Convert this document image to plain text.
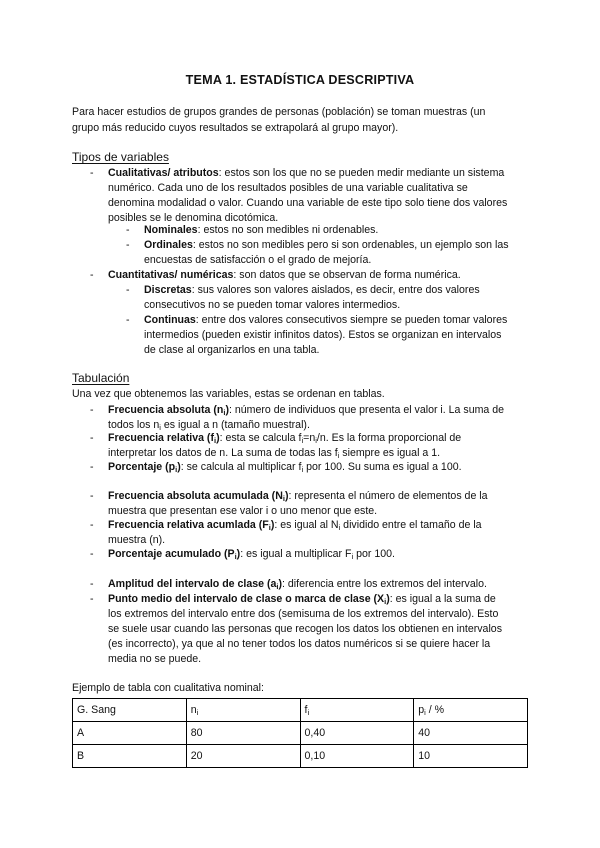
TEMA 1. ESTADÍSTICA DESCRIPTIVA
Para hacer estudios de grupos grandes de personas (población) se toman muestras (un
grupo más reducido cuyos resultados se extrapolará al grupo mayor).
Tipos de variables
- Cualitativas/ atributos: estos son los que no se pueden medir mediante un sistema
numérico. Cada uno de los resultados posibles de una variable cualitativa se
denomina modalidad o valor. Cuando una variable de este tipo solo tiene dos valores
posibles se le denomina dicotómica.
- Nominales: estos no son medibles ni ordenables.
- Ordinales: estos no son medibles pero si son ordenables, un ejemplo son las
encuestas de satisfacción o el grado de mejoría.
- Cuantitativas/ numéricas: son datos que se observan de forma numérica.
- Discretas: sus valores son valores aislados, es decir, entre dos valores
consecutivos no se pueden tomar valores intermedios.
- Continuas: entre dos valores consecutivos siempre se pueden tomar valores
intermedios (pueden existir infinitos datos). Estos se organizan en intervalos
de clase al organizarlos en una tabla.
Tabulación
Una vez que obtenemos las variables, estas se ordenan en tablas.
- Frecuencia absoluta $(n_i)$: número de individuos que presenta el valor i. La suma de
todos los $n_i$ es igual a n (tamaño muestral).
- Frecuencia relativa $(f_i)$: esta se calcula $f_i=n_i/n$. Es la forma proporcional de
interpretar los datos de n. La suma de todas las $f_i$ siempre es igual a 1.
- Porcentaje $(p_i)$: se calcula al multiplicar $f_i$ por 100. Su suma es igual a 100.
- Frecuencia absoluta acumulada $(N_i)$: representa el número de elementos de la
muestra que presentan ese valor i o uno menor que este.
- Frecuencia relativa acumlada $(F_i)$: es igual al $N_i$ dividido entre el tamaño de la
muestra (n).
- Porcentaje acumulado $(P_i)$: es igual a multiplicar $F_i$ por 100.
- Amplitud del intervalo de clase $(a_i)$: diferencia entre los extremos del intervalo.
- Punto medio del intervalo de clase o marca de clase $(X_i)$: es igual a la suma de
los extremos del intervalo entre dos (semisuma de los extremos del intervalo). Esto
se suele usar cuando las personas que recogen los datos los obtienen en intervalos
(es incorrecto), ya que al no tener todos los datos numéricos si se quiere hacer la
media no se puede.
Ejemplo de tabla con cualitativa nominal:
G. Sang	$n_i$	$f_i$	$p_i$ / %
A	80	0,40	40
B	20	0,10	10
